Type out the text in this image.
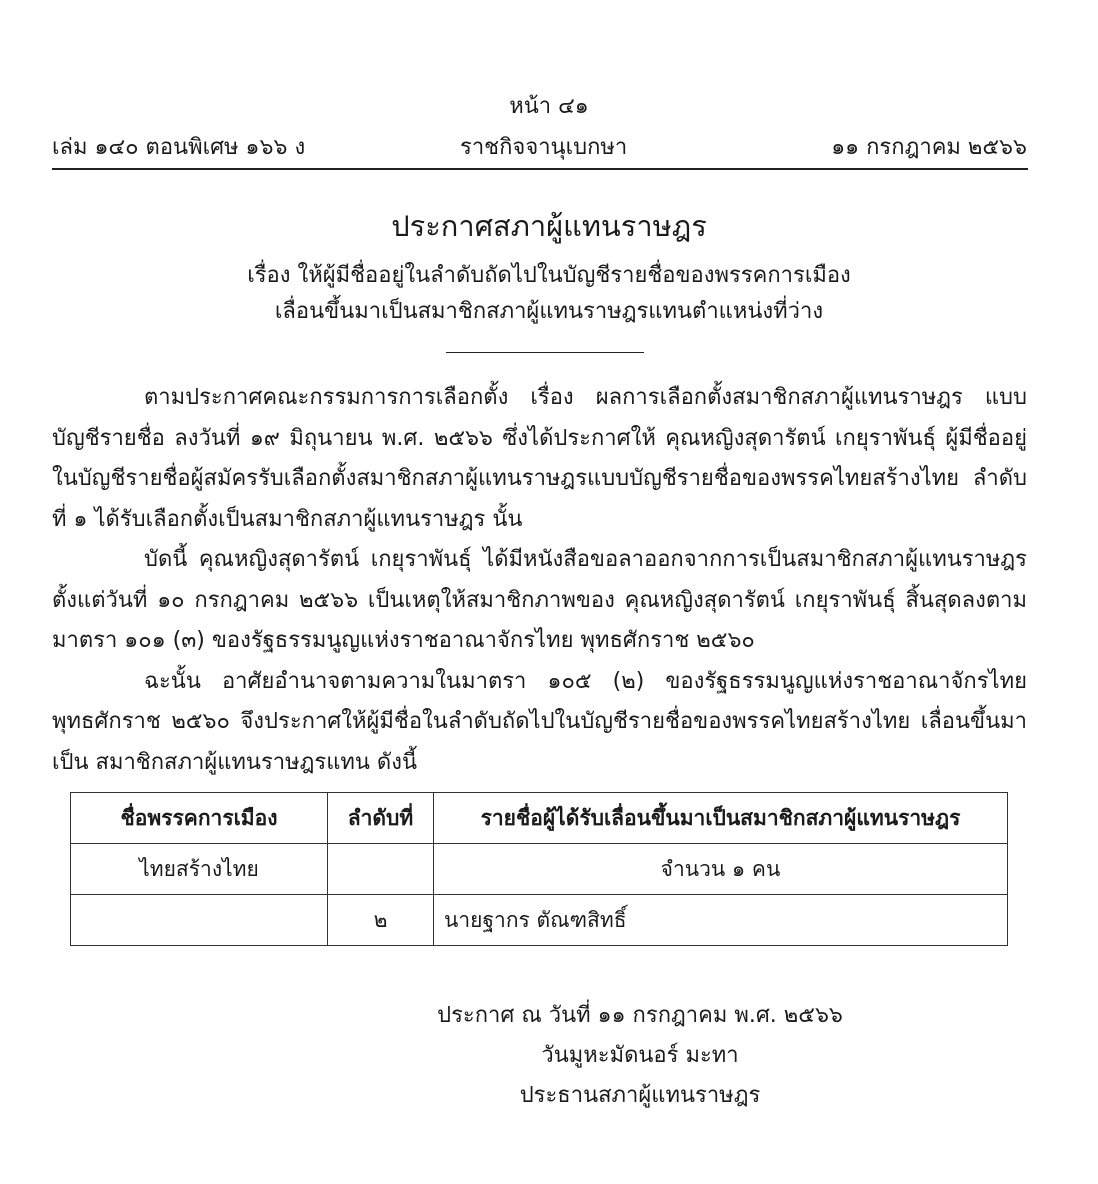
หน้า ๔๑
เล่ม ๑๔๐ ตอนพิเศษ ๑๖๖ ง	ราชกิจจานุเบกษา	๑๑ กรกฎาคม ๒๕๖๖
ประกาศสภาผู้แทนราษฎร
เรื่อง ให้ผู้มีชื่ออยู่ในลำดับถัดไปในบัญชีรายชื่อของพรรคการเมือง
เลื่อนขึ้นมาเป็นสมาชิกสภาผู้แทนราษฎรแทนตำแหน่งที่ว่าง
ตามประกาศคณะกรรมการการเลือกตั้ง เรื่อง ผลการเลือกตั้งสมาชิกสภาผู้แทนราษฎร แบบบัญชีรายชื่อ ลงวันที่ ๑๙ มิถุนายน พ.ศ. ๒๕๖๖ ซึ่งได้ประกาศให้ คุณหญิงสุดารัตน์ เกยุราพันธุ์ ผู้มีชื่ออยู่ในบัญชีรายชื่อผู้สมัครรับเลือกตั้งสมาชิกสภาผู้แทนราษฎรแบบบัญชีรายชื่อของพรรคไทยสร้างไทย ลำดับที่ ๑ ได้รับเลือกตั้งเป็นสมาชิกสภาผู้แทนราษฎร นั้น
บัดนี้ คุณหญิงสุดารัตน์ เกยุราพันธุ์ ได้มีหนังสือขอลาออกจากการเป็นสมาชิกสภาผู้แทนราษฎร ตั้งแต่วันที่ ๑๐ กรกฎาคม ๒๕๖๖ เป็นเหตุให้สมาชิกภาพของ คุณหญิงสุดารัตน์ เกยุราพันธุ์ สิ้นสุดลงตามมาตรา ๑๐๑ (๓) ของรัฐธรรมนูญแห่งราชอาณาจักรไทย พุทธศักราช ๒๕๖๐
ฉะนั้น อาศัยอำนาจตามความในมาตรา ๑๐๕ (๒) ของรัฐธรรมนูญแห่งราชอาณาจักรไทย พุทธศักราช ๒๕๖๐ จึงประกาศให้ผู้มีชื่อในลำดับถัดไปในบัญชีรายชื่อของพรรคไทยสร้างไทย เลื่อนขึ้นมาเป็น สมาชิกสภาผู้แทนราษฎรแทน ดังนี้
ชื่อพรรคการเมือง	ลำดับที่	รายชื่อผู้ได้รับเลื่อนขึ้นมาเป็นสมาชิกสภาผู้แทนราษฎร
ไทยสร้างไทย		จำนวน ๑ คน
	๒	นายฐากร ตัณฑสิทธิ์
ประกาศ ณ วันที่ ๑๑ กรกฎาคม พ.ศ. ๒๕๖๖
วันมูหะมัดนอร์ มะทา
ประธานสภาผู้แทนราษฎร
